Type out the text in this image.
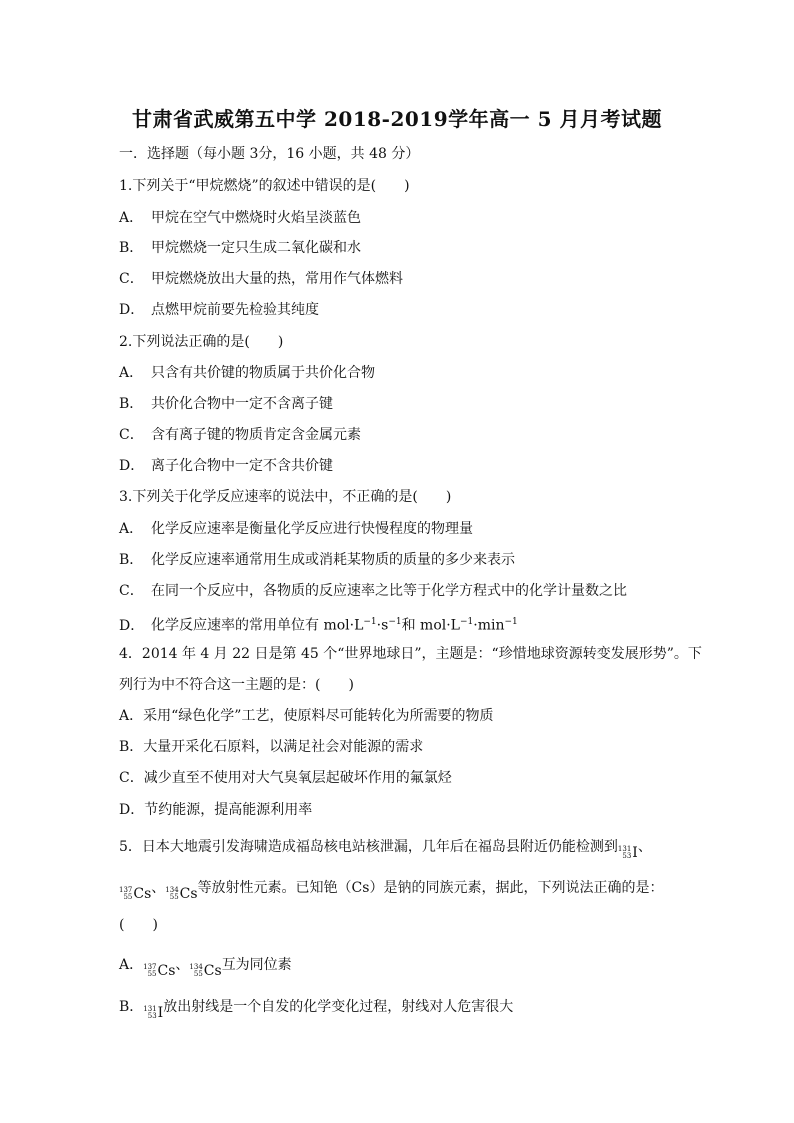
甘肃省武威第五中学 2018-2019学年高一 5 月月考试题
一．选择题（每小题 3分，16 小题，共 48 分）
1.下列关于“甲烷燃烧”的叙述中错误的是(　　)
A． 甲烷在空气中燃烧时火焰呈淡蓝色
B． 甲烷燃烧一定只生成二氧化碳和水
C． 甲烷燃烧放出大量的热，常用作气体燃料
D． 点燃甲烷前要先检验其纯度
2.下列说法正确的是(　　)
A． 只含有共价键的物质属于共价化合物
B． 共价化合物中一定不含离子键
C． 含有离子键的物质肯定含金属元素
D． 离子化合物中一定不含共价键
3.下列关于化学反应速率的说法中，不正确的是(　　)
A． 化学反应速率是衡量化学反应进行快慢程度的物理量
B． 化学反应速率通常用生成或消耗某物质的质量的多少来表示
C． 在同一个反应中，各物质的反应速率之比等于化学方程式中的化学计量数之比
D． 化学反应速率的常用单位有 $mol\cdot L^{-1}\cdot s^{-1}$和 $mol\cdot L^{-1}\cdot\min^{-1}$
4．2014 年 4 月 22 日是第 45 个“世界地球日”，主题是：“珍惜地球资源转变发展形势”。下
列行为中不符合这一主题的是：(　　)
A．采用“绿色化学”工艺，使原料尽可能转化为所需要的物质
B．大量开采化石原料，以满足社会对能源的需求
C．减少直至不使用对大气臭氧层起破坏作用的氟氯烃
D．节约能源，提高能源利用率
5．日本大地震引发海啸造成福岛核电站核泄漏，几年后在福岛县附近仍能检测到 131
53 I 、
137
55 Cs 、 134
55 Cs 等放射性元素。已知铯（Cs）是钠的同族元素，据此，下列说法正确的是：
(　　)
A． 137
55 Cs 、 134
55 Cs 互为同位素
B． 131
53 I 放出射线是一个自发的化学变化过程，射线对人危害很大
